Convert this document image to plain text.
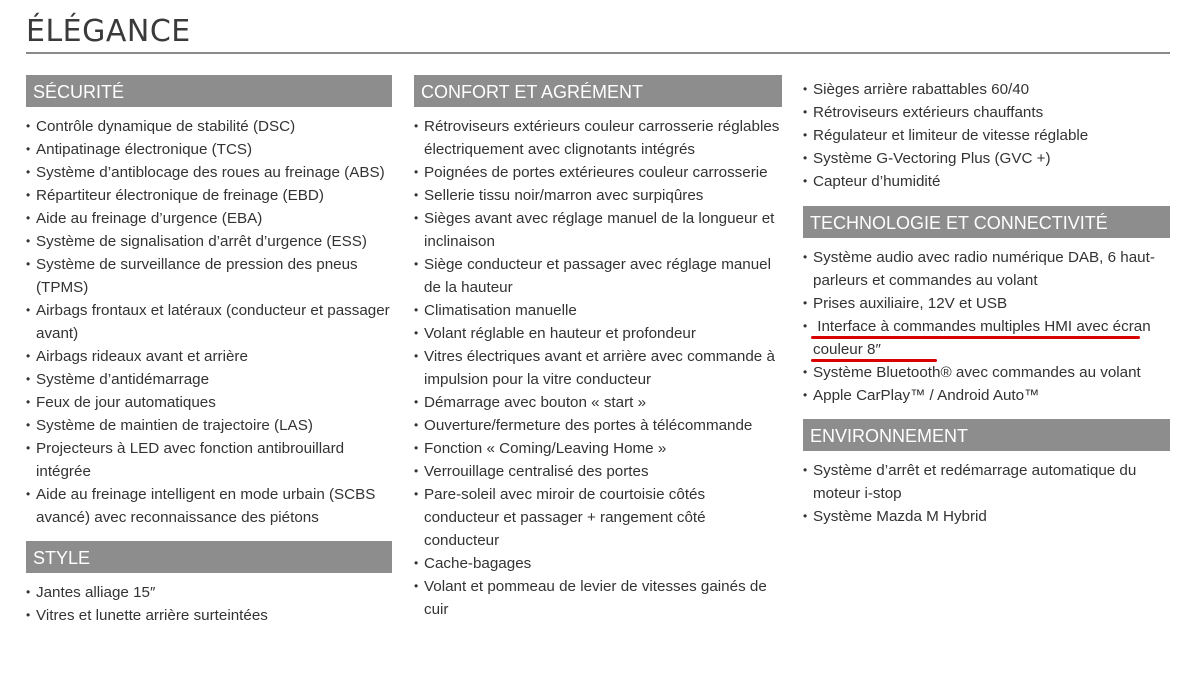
ÉLÉGANCE
SÉCURITÉ
• Contrôle dynamique de stabilité (DSC)
• Antipatinage électronique (TCS)
• Système d’antiblocage des roues au freinage (ABS)
• Répartiteur électronique de freinage (EBD)
• Aide au freinage d’urgence (EBA)
• Système de signalisation d’arrêt d’urgence (ESS)
• Système de surveillance de pression des pneus (TPMS)
• Airbags frontaux et latéraux (conducteur et passager avant)
• Airbags rideaux avant et arrière
• Système d’antidémarrage
• Feux de jour automatiques
• Système de maintien de trajectoire (LAS)
• Projecteurs à LED avec fonction antibrouillard intégrée
• Aide au freinage intelligent en mode urbain (SCBS avancé) avec reconnaissance des piétons
STYLE
• Jantes alliage 15″
• Vitres et lunette arrière surteintées
CONFORT ET AGRÉMENT
• Rétroviseurs extérieurs couleur carrosserie réglables électriquement avec clignotants intégrés
• Poignées de portes extérieures couleur carrosserie
• Sellerie tissu noir/marron avec surpiqûres
• Sièges avant avec réglage manuel de la longueur et inclinaison
• Siège conducteur et passager avec réglage manuel de la hauteur
• Climatisation manuelle
• Volant réglable en hauteur et profondeur
• Vitres électriques avant et arrière avec commande à impulsion pour la vitre conducteur
• Démarrage avec bouton « start »
• Ouverture/fermeture des portes à télécommande
• Fonction « Coming/Leaving Home »
• Verrouillage centralisé des portes
• Pare-soleil avec miroir de courtoisie côtés conducteur et passager + rangement côté conducteur
• Cache-bagages
• Volant et pommeau de levier de vitesses gainés de cuir
• Sièges arrière rabattables 60/40
• Rétroviseurs extérieurs chauffants
• Régulateur et limiteur de vitesse réglable
• Système G-Vectoring Plus (GVC +)
• Capteur d’humidité
TECHNOLOGIE ET CONNECTIVITÉ
• Système audio avec radio numérique DAB, 6 haut-parleurs et commandes au volant
• Prises auxiliaire, 12V et USB
• Interface à commandes multiples HMI avec écran couleur 8″
• Système Bluetooth® avec commandes au volant
• Apple CarPlay™ / Android Auto™
ENVIRONNEMENT
• Système d’arrêt et redémarrage automatique du moteur i-stop
• Système Mazda M Hybrid
